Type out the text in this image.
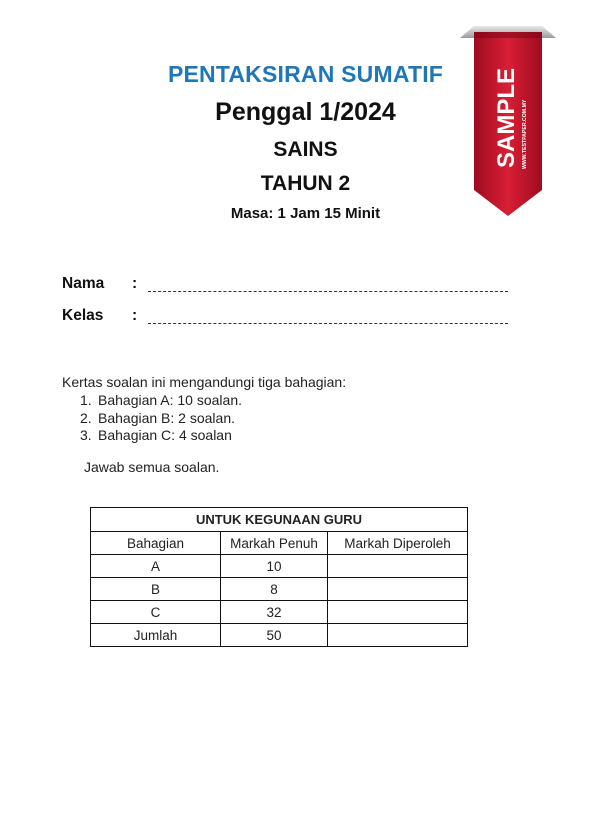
PENTAKSIRAN SUMATIF
Penggal 1/2024
SAINS
TAHUN 2
Masa: 1 Jam 15 Minit
SAMPLE WWW.TESTPAPER.COM.MY
Nama :
Kelas :
Kertas soalan ini mengandungi tiga bahagian:
1. Bahagian A: 10 soalan.
2. Bahagian B: 2 soalan.
3. Bahagian C: 4 soalan
Jawab semua soalan.
UNTUK KEGUNAAN GURU		
Bahagian	Markah Penuh	Markah Diperoleh
A	10	
B	8	
C	32	
Jumlah	50	
